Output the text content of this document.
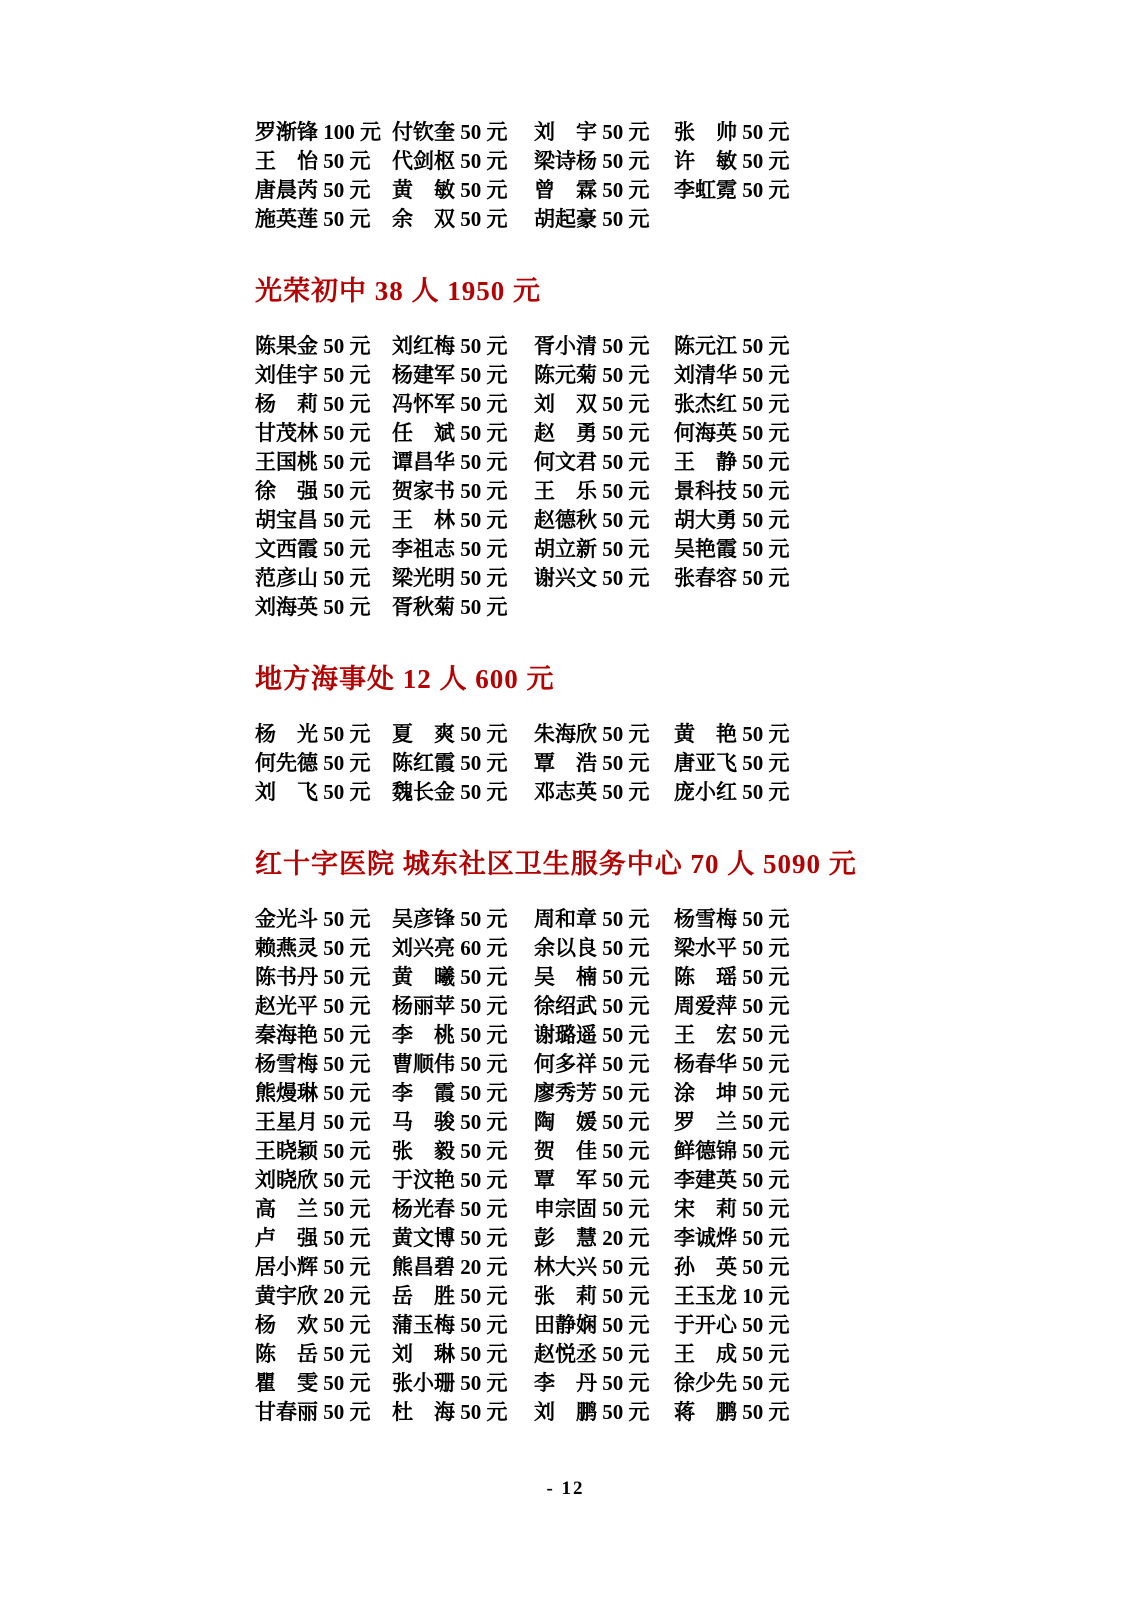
罗渐锋 100 元 付钦奎 50 元	刘　宇 50 元	张　帅 50 元
王　怡 50 元	代剑枢 50 元	梁诗杨 50 元	许　敏 50 元
唐晨芮 50 元	黄　敏 50 元	曾　霖 50 元	李虹霓 50 元
施英莲 50 元	余　双 50 元	胡起豪 50 元
光荣初中 38 人 1950 元
陈果金 50 元	刘红梅 50 元	胥小清 50 元	陈元江 50 元
刘佳宇 50 元	杨建军 50 元	陈元菊 50 元	刘清华 50 元
杨　莉 50 元	冯怀军 50 元	刘　双 50 元	张杰红 50 元
甘茂林 50 元	任　斌 50 元	赵　勇 50 元	何海英 50 元
王国桃 50 元	谭昌华 50 元	何文君 50 元	王　静 50 元
徐　强 50 元	贺家书 50 元	王　乐 50 元	景科技 50 元
胡宝昌 50 元	王　林 50 元	赵德秋 50 元	胡大勇 50 元
文西霞 50 元	李祖志 50 元	胡立新 50 元	吴艳霞 50 元
范彦山 50 元	梁光明 50 元	谢兴文 50 元	张春容 50 元
刘海英 50 元	胥秋菊 50 元
地方海事处 12 人 600 元
杨　光 50 元	夏　爽 50 元	朱海欣 50 元	黄　艳 50 元
何先德 50 元	陈红霞 50 元	覃　浩 50 元	唐亚飞 50 元
刘　飞 50 元	魏长金 50 元	邓志英 50 元	庞小红 50 元
红十字医院 城东社区卫生服务中心 70 人 5090 元
金光斗 50 元	吴彦锋 50 元	周和章 50 元	杨雪梅 50 元
赖燕灵 50 元	刘兴亮 60 元	余以良 50 元	梁水平 50 元
陈书丹 50 元	黄　曦 50 元	吴　楠 50 元	陈　瑶 50 元
赵光平 50 元	杨丽苹 50 元	徐绍武 50 元	周爱萍 50 元
秦海艳 50 元	李　桃 50 元	谢璐遥 50 元	王　宏 50 元
杨雪梅 50 元	曹顺伟 50 元	何多祥 50 元	杨春华 50 元
熊熳琳 50 元	李　霞 50 元	廖秀芳 50 元	涂　坤 50 元
王星月 50 元	马　骏 50 元	陶　媛 50 元	罗　兰 50 元
王晓颖 50 元	张　毅 50 元	贺　佳 50 元	鲜德锦 50 元
刘晓欣 50 元	于汶艳 50 元	覃　军 50 元	李建英 50 元
高　兰 50 元	杨光春 50 元	申宗固 50 元	宋　莉 50 元
卢　强 50 元	黄文博 50 元	彭　慧 20 元	李诚烨 50 元
居小辉 50 元	熊昌碧 20 元	林大兴 50 元	孙　英 50 元
黄宇欣 20 元	岳　胜 50 元	张　莉 50 元	王玉龙 10 元
杨　欢 50 元	蒲玉梅 50 元	田静娴 50 元	于开心 50 元
陈　岳 50 元	刘　琳 50 元	赵悦丞 50 元	王　成 50 元
瞿　雯 50 元	张小珊 50 元	李　丹 50 元	徐少先 50 元
甘春丽 50 元	杜　海 50 元	刘　鹏 50 元	蒋　鹏 50 元
- 12
